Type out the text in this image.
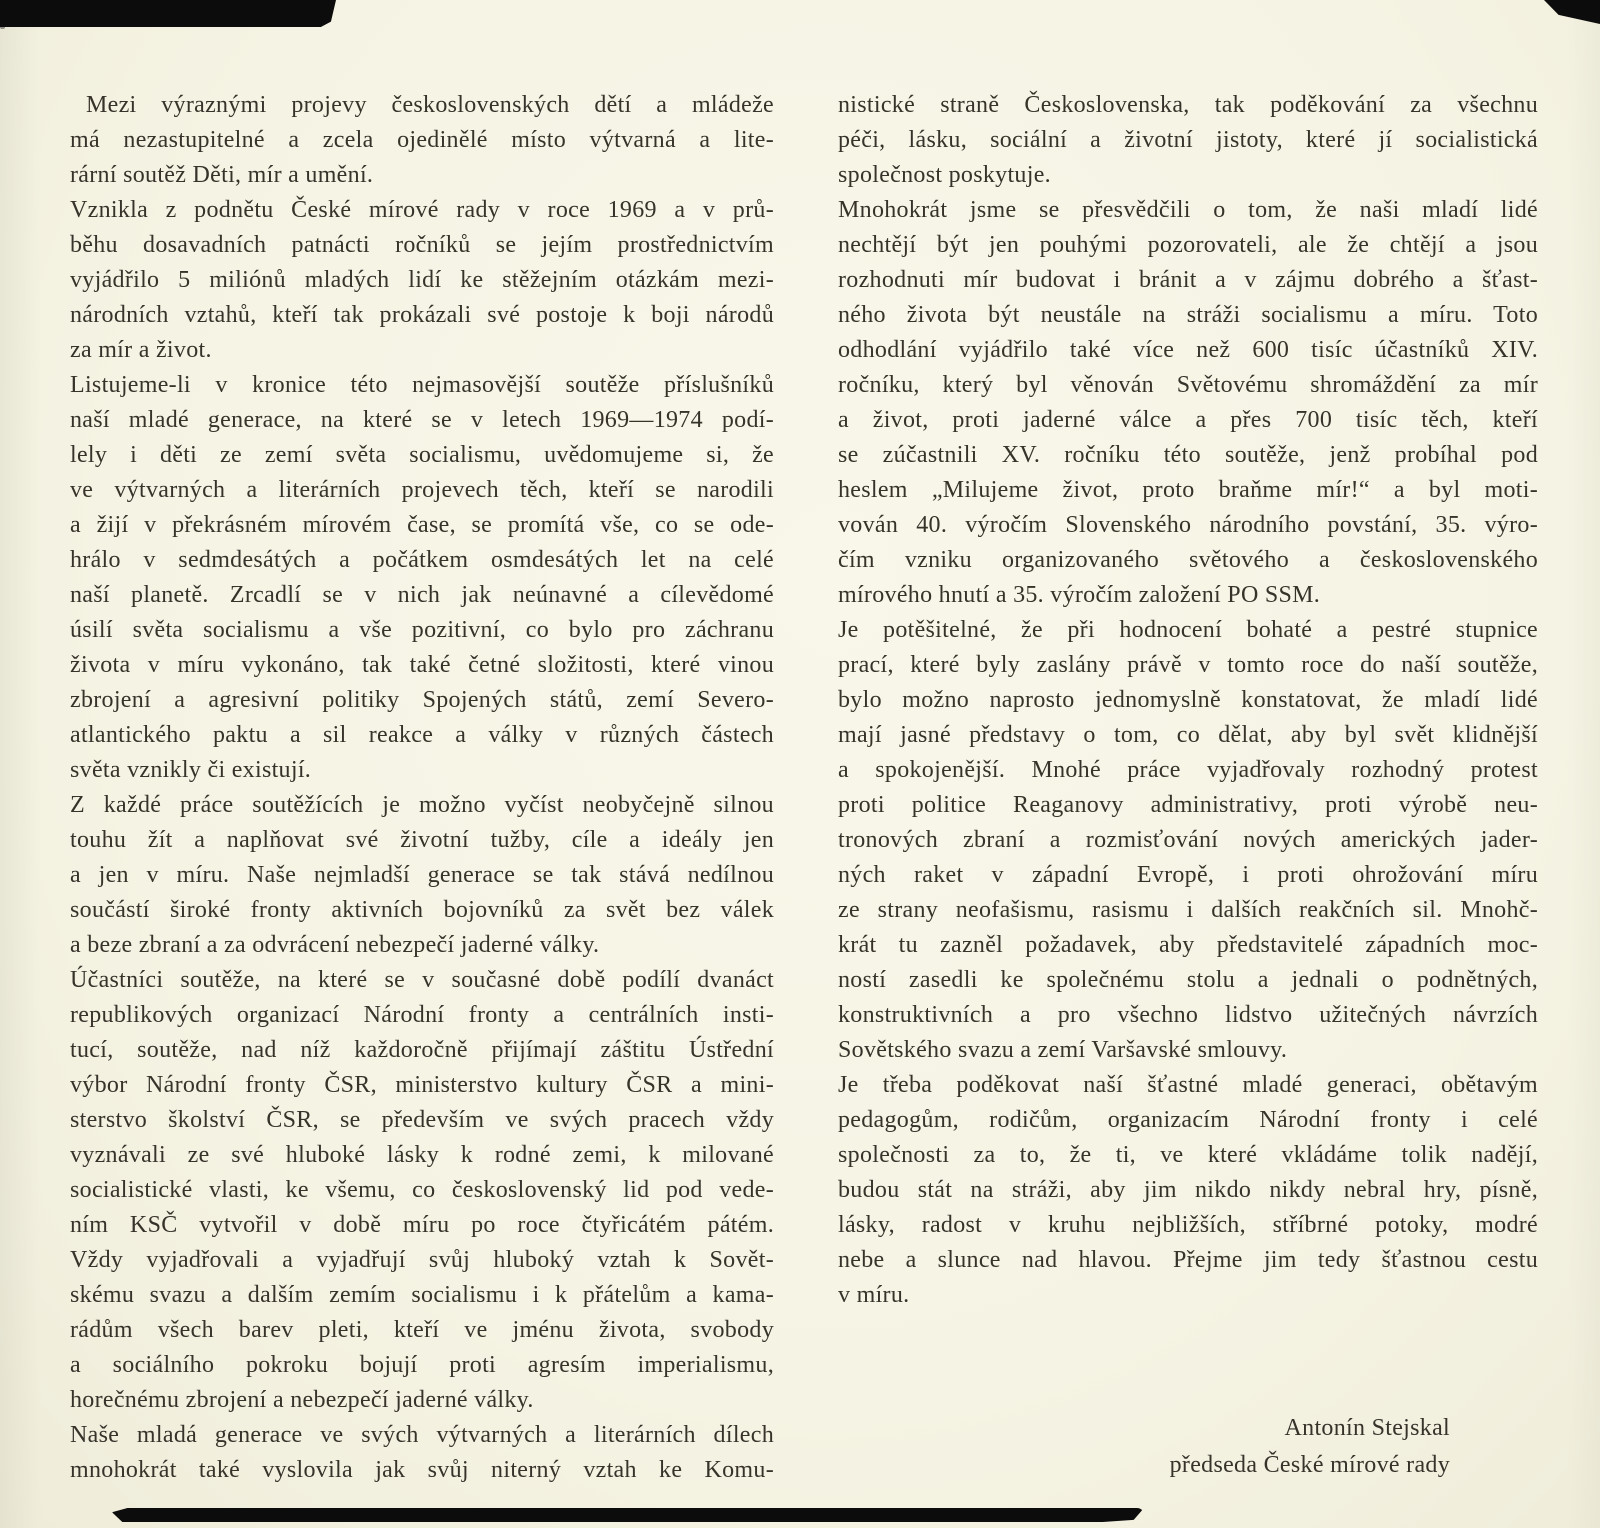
Mezi výraznými projevy československých dětí a mládeže
má nezastupitelné a zcela ojedinělé místo výtvarná a lite-
rární soutěž Děti, mír a umění.
Vznikla z podnětu České mírové rady v roce 1969 a v prů-
běhu dosavadních patnácti ročníků se jejím prostřednictvím
vyjádřilo 5 miliónů mladých lidí ke stěžejním otázkám mezi-
národních vztahů, kteří tak prokázali své postoje k boji národů
za mír a život.
Listujeme-li v kronice této nejmasovější soutěže příslušníků
naší mladé generace, na které se v letech 1969—1974 podí-
lely i děti ze zemí světa socialismu, uvědomujeme si, že
ve výtvarných a literárních projevech těch, kteří se narodili
a žijí v překrásném mírovém čase, se promítá vše, co se ode-
hrálo v sedmdesátých a počátkem osmdesátých let na celé
naší planetě. Zrcadlí se v nich jak neúnavné a cílevědomé
úsilí světa socialismu a vše pozitivní, co bylo pro záchranu
života v míru vykonáno, tak také četné složitosti, které vinou
zbrojení a agresivní politiky Spojených států, zemí Severo-
atlantického paktu a sil reakce a války v různých částech
světa vznikly či existují.
Z každé práce soutěžících je možno vyčíst neobyčejně silnou
touhu žít a naplňovat své životní tužby, cíle a ideály jen
a jen v míru. Naše nejmladší generace se tak stává nedílnou
součástí široké fronty aktivních bojovníků za svět bez válek
a beze zbraní a za odvrácení nebezpečí jaderné války.
Účastníci soutěže, na které se v současné době podílí dvanáct
republikových organizací Národní fronty a centrálních insti-
tucí, soutěže, nad níž každoročně přijímají záštitu Ústřední
výbor Národní fronty ČSR, ministerstvo kultury ČSR a mini-
sterstvo školství ČSR, se především ve svých pracech vždy
vyznávali ze své hluboké lásky k rodné zemi, k milované
socialistické vlasti, ke všemu, co československý lid pod vede-
ním KSČ vytvořil v době míru po roce čtyřicátém pátém.
Vždy vyjadřovali a vyjadřují svůj hluboký vztah k Sovět-
skému svazu a dalším zemím socialismu i k přátelům a kama-
rádům všech barev pleti, kteří ve jménu života, svobody
a sociálního pokroku bojují proti agresím imperialismu,
horečnému zbrojení a nebezpečí jaderné války.
Naše mladá generace ve svých výtvarných a literárních dílech
mnohokrát také vyslovila jak svůj niterný vztah ke Komu-
nistické straně Československa, tak poděkování za všechnu
péči, lásku, sociální a životní jistoty, které jí socialistická
společnost poskytuje.
Mnohokrát jsme se přesvědčili o tom, že naši mladí lidé
nechtějí být jen pouhými pozorovateli, ale že chtějí a jsou
rozhodnuti mír budovat i bránit a v zájmu dobrého a šťast-
ného života být neustále na stráži socialismu a míru. Toto
odhodlání vyjádřilo také více než 600 tisíc účastníků XIV.
ročníku, který byl věnován Světovému shromáždění za mír
a život, proti jaderné válce a přes 700 tisíc těch, kteří
se zúčastnili XV. ročníku této soutěže, jenž probíhal pod
heslem „Milujeme život, proto braňme mír!“ a byl moti-
vován 40. výročím Slovenského národního povstání, 35. výro-
čím vzniku organizovaného světového a československého
mírového hnutí a 35. výročím založení PO SSM.
Je potěšitelné, že při hodnocení bohaté a pestré stupnice
prací, které byly zaslány právě v tomto roce do naší soutěže,
bylo možno naprosto jednomyslně konstatovat, že mladí lidé
mají jasné představy o tom, co dělat, aby byl svět klidnější
a spokojenější. Mnohé práce vyjadřovaly rozhodný protest
proti politice Reaganovy administrativy, proti výrobě neu-
tronových zbraní a rozmisťování nových amerických jader-
ných raket v západní Evropě, i proti ohrožování míru
ze strany neofašismu, rasismu i dalších reakčních sil. Mnohč-
krát tu zazněl požadavek, aby představitelé západních moc-
ností zasedli ke společnému stolu a jednali o podnětných,
konstruktivních a pro všechno lidstvo užitečných návrzích
Sovětského svazu a zemí Varšavské smlouvy.
Je třeba poděkovat naší šťastné mladé generaci, obětavým
pedagogům, rodičům, organizacím Národní fronty i celé
společnosti za to, že ti, ve které vkládáme tolik nadějí,
budou stát na stráži, aby jim nikdo nikdy nebral hry, písně,
lásky, radost v kruhu nejbližších, stříbrné potoky, modré
nebe a slunce nad hlavou. Přejme jim tedy šťastnou cestu
v míru.
Antonín Stejskal
předseda České mírové rady
